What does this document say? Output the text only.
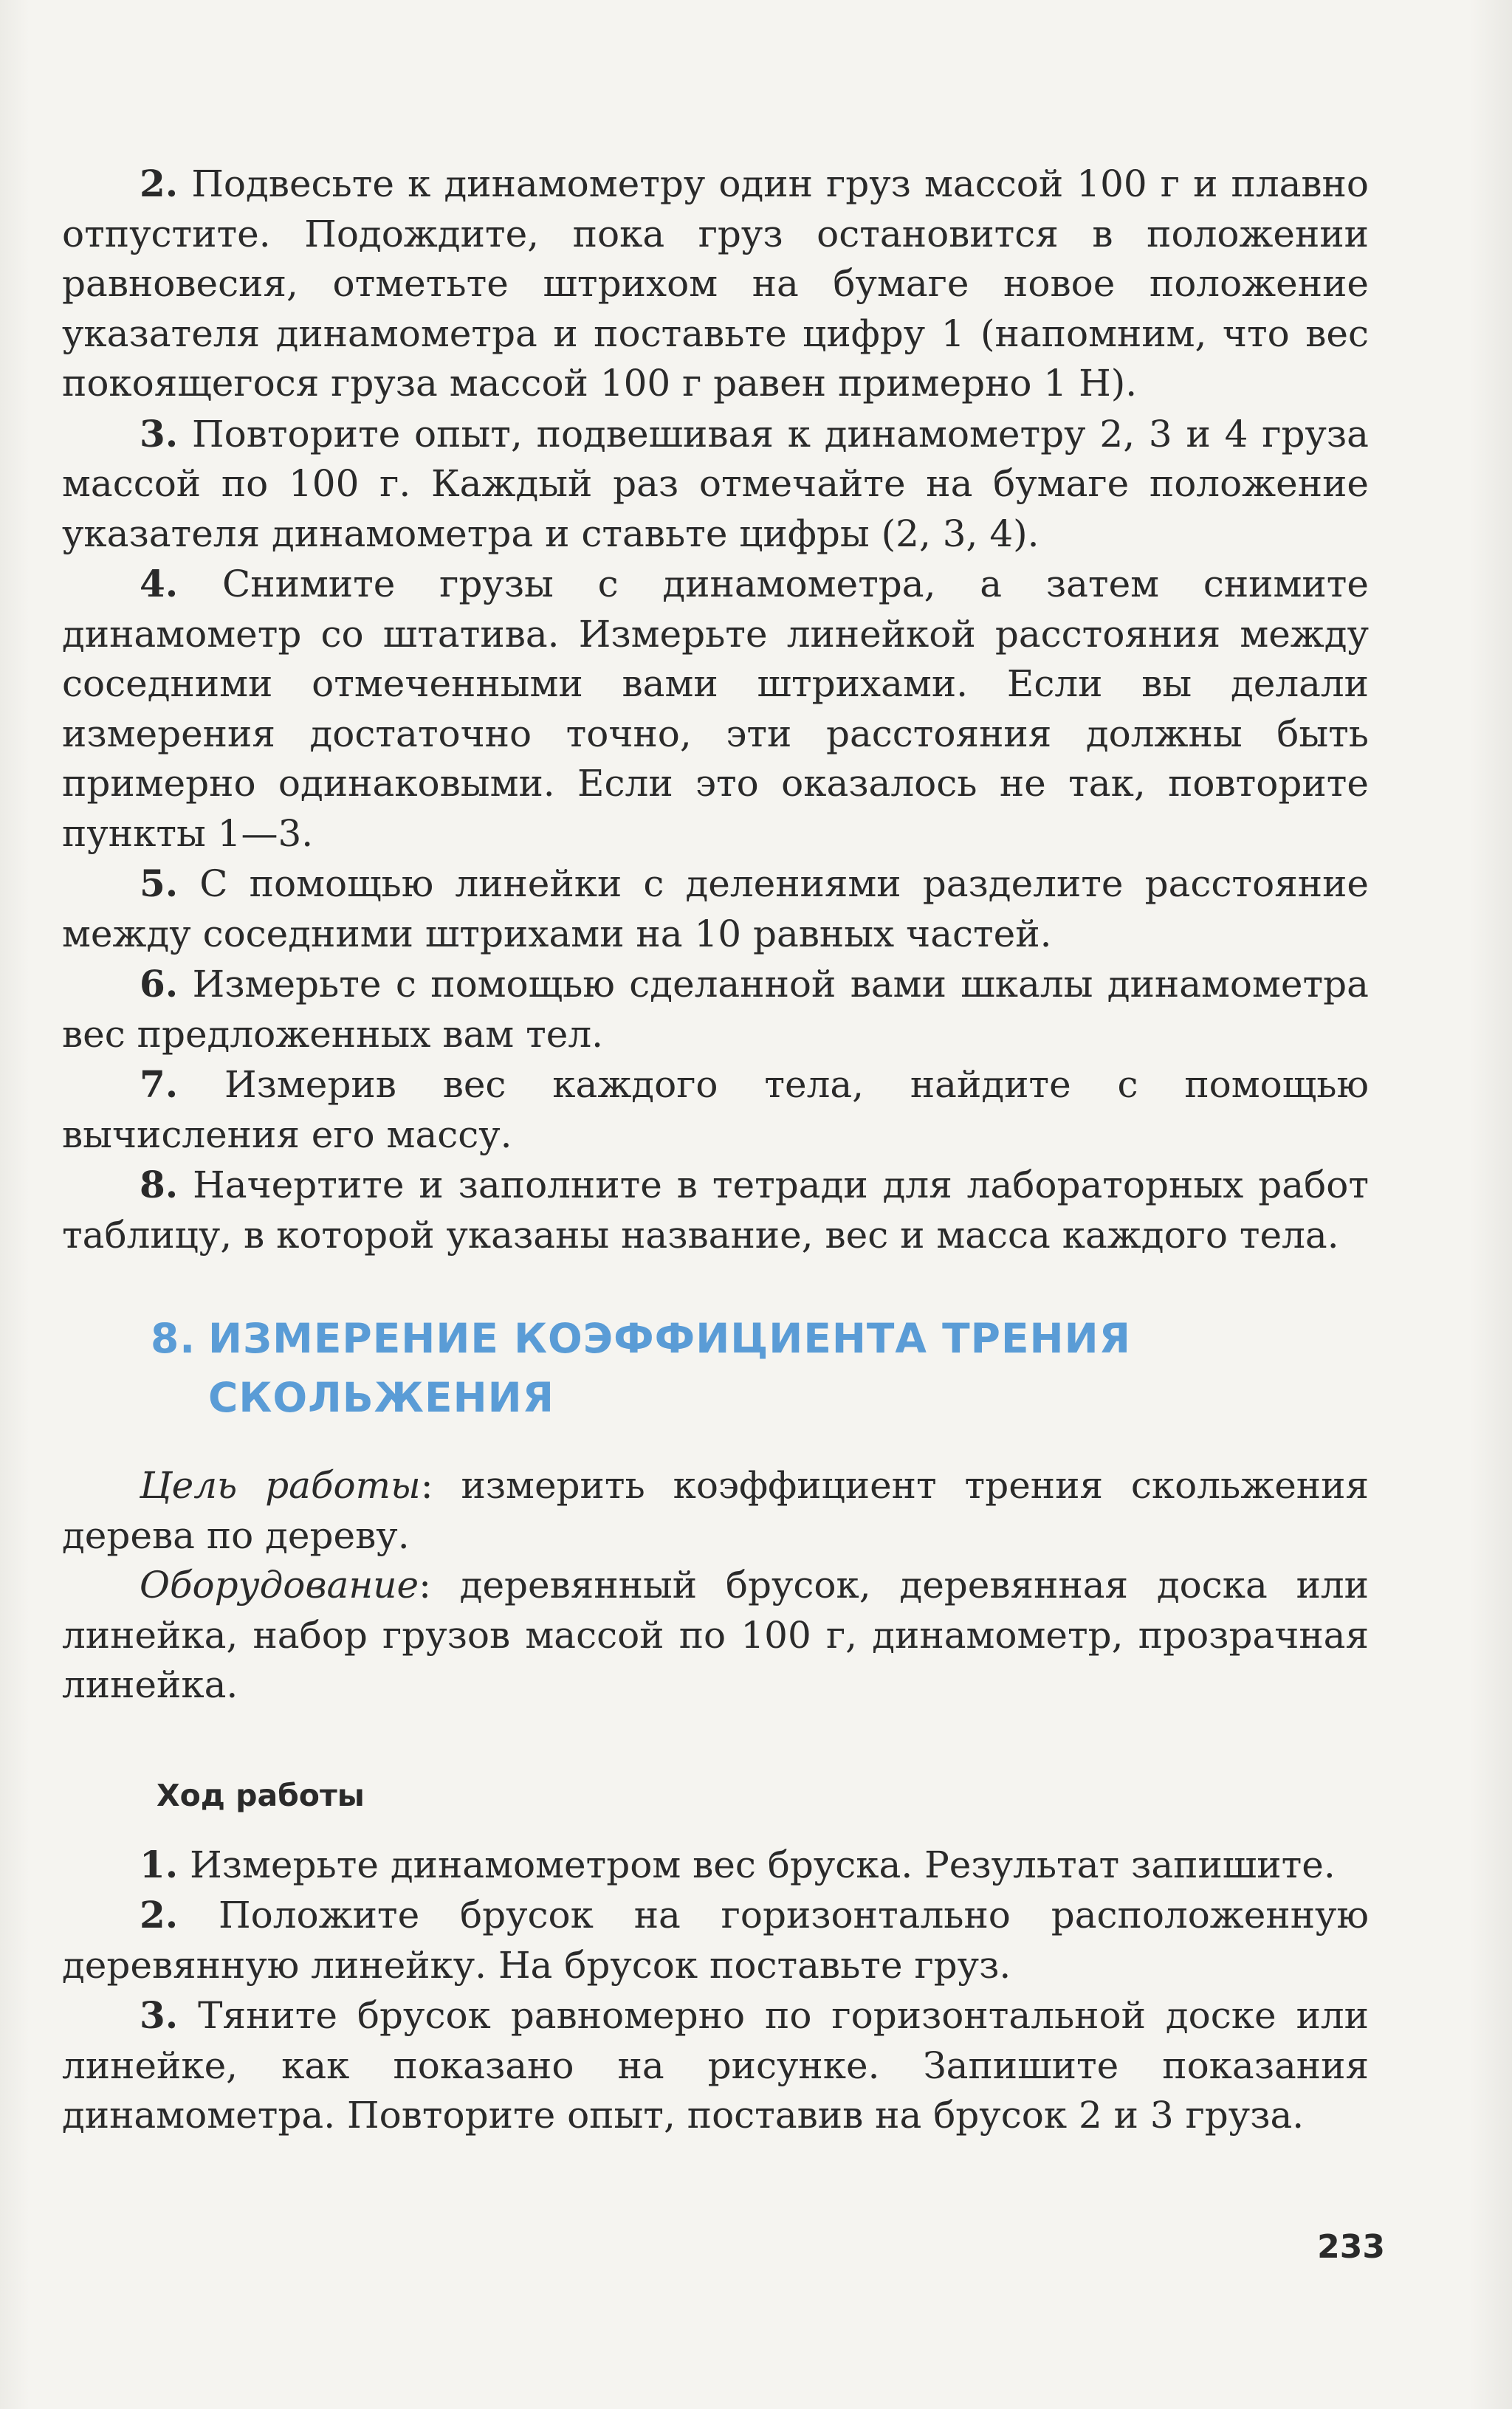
2. Подвесьте к динамометру один груз массой 100 г и плавно отпустите. Подождите, пока груз остановится в положении равновесия, отметьте штрихом на бумаге новое положение указателя динамометра и поставьте цифру 1 (напомним, что вес покоящегося груза массой 100 г равен примерно 1 Н).

3. Повторите опыт, подвешивая к динамометру 2, 3 и 4 груза массой по 100 г. Каждый раз отмечайте на бумаге положение указателя динамометра и ставьте цифры (2, 3, 4).

4. Снимите грузы с динамометра, а затем снимите динамометр со штатива. Измерьте линейкой расстояния между соседними отмеченными вами штрихами. Если вы делали измерения достаточно точно, эти расстояния должны быть примерно одинаковыми. Если это оказалось не так, повторите пункты 1—3.

5. С помощью линейки с делениями разделите расстояние между соседними штрихами на 10 равных частей.

6. Измерьте с помощью сделанной вами шкалы динамометра вес предложенных вам тел.

7. Измерив вес каждого тела, найдите с помощью вычисления его массу.

8. Начертите и заполните в тетради для лабораторных работ таблицу, в которой указаны название, вес и масса каждого тела.

8. ИЗМЕРЕНИЕ КОЭФФИЦИЕНТА ТРЕНИЯ
СКОЛЬЖЕНИЯ

Цель работы: измерить коэффициент трения скольжения дерева по дереву.

Оборудование: деревянный брусок, деревянная доска или линейка, набор грузов массой по 100 г, динамометр, прозрачная линейка.

Ход работы

1. Измерьте динамометром вес бруска. Результат запишите.

2. Положите брусок на горизонтально расположенную деревянную линейку. На брусок поставьте груз.

3. Тяните брусок равномерно по горизонтальной доске или линейке, как показано на рисунке. Запишите показания динамометра. Повторите опыт, поставив на брусок 2 и 3 груза.

233
